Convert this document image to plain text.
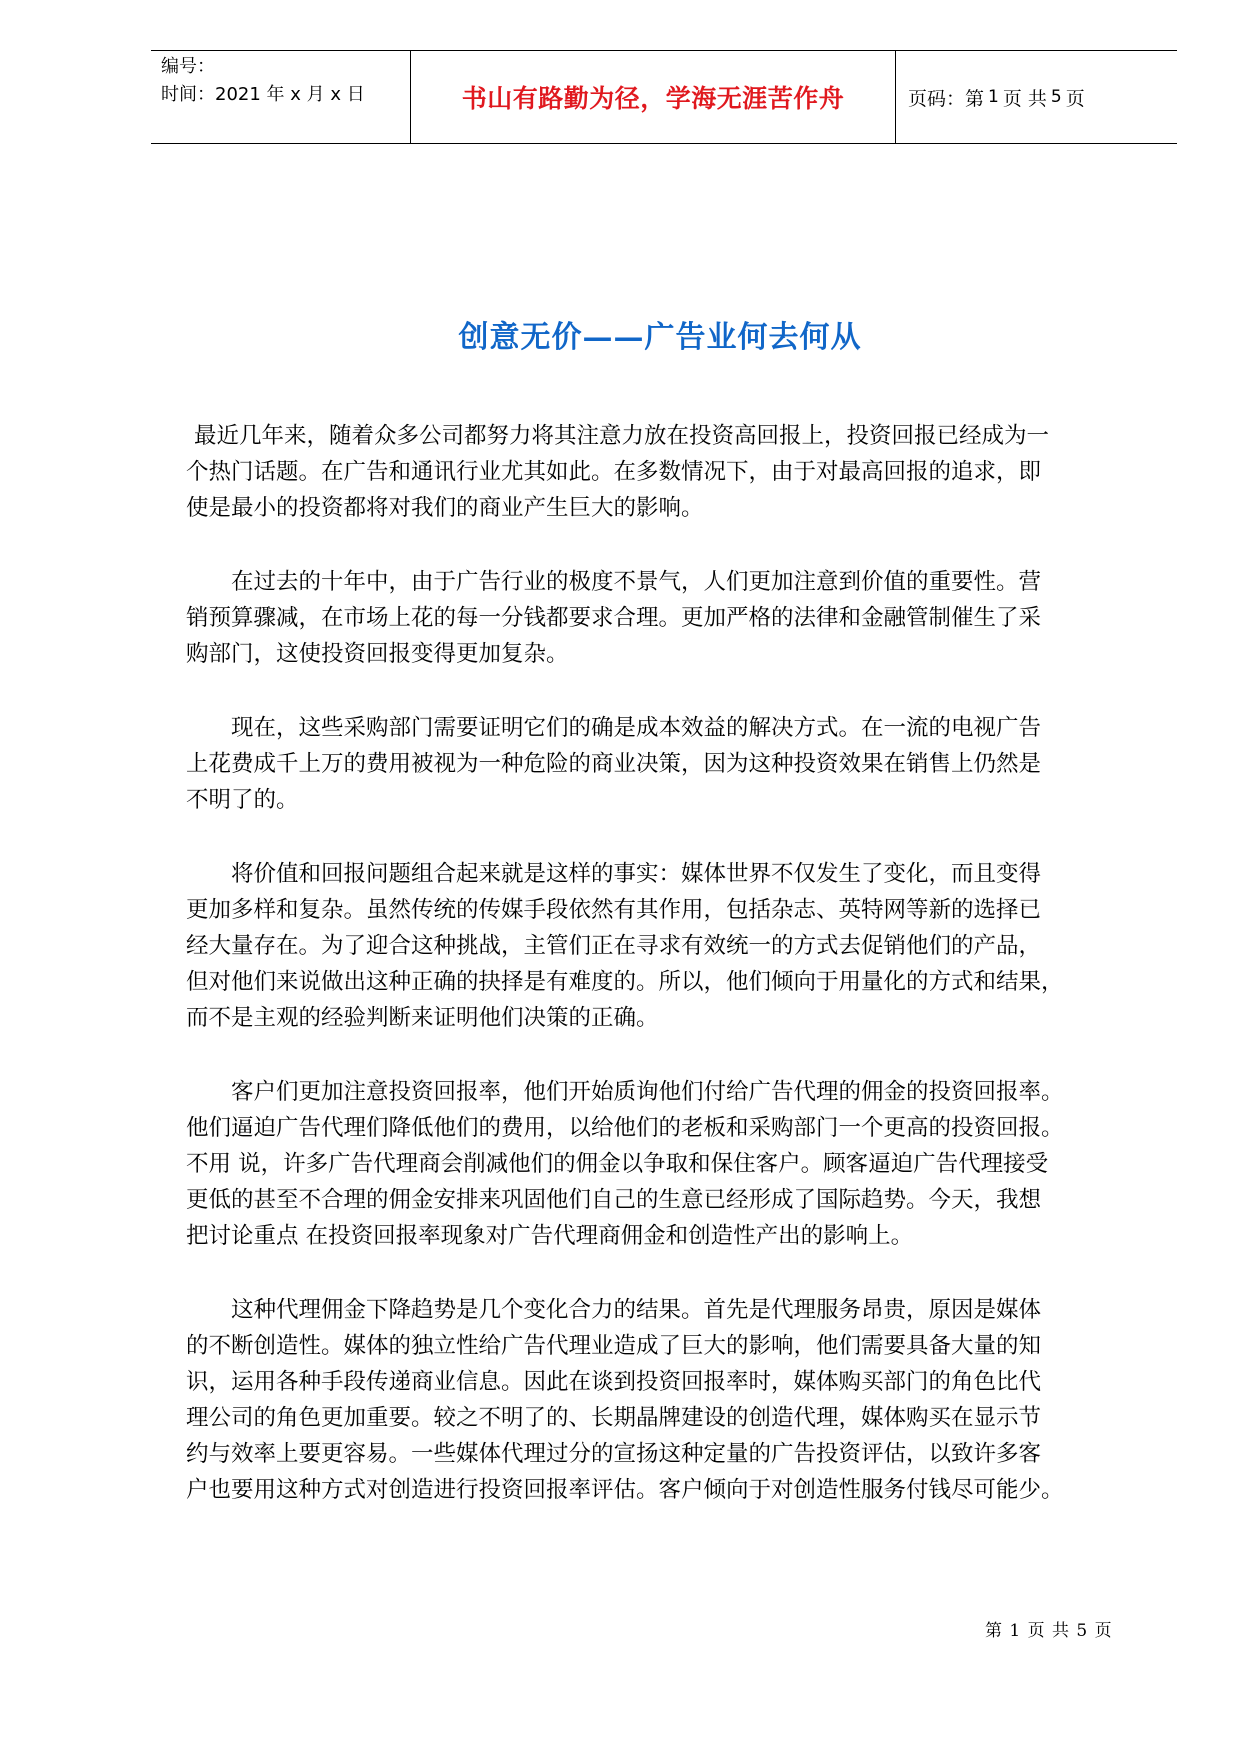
编号：
时间：2021 年 x 月 x 日	书山有路勤为径，学海无涯苦作舟	页码：第 1 页 共 5 页
创意无价——广告业何去何从

最近几年来，随着众多公司都努力将其注意力放在投资高回报上，投资回报已经成为一
个热门话题。在广告和通讯行业尤其如此。在多数情况下，由于对最高回报的追求，即
使是最小的投资都将对我们的商业产生巨大的影响。

在过去的十年中，由于广告行业的极度不景气，人们更加注意到价值的重要性。营
销预算骤减，在市场上花的每一分钱都要求合理。更加严格的法律和金融管制催生了采
购部门，这使投资回报变得更加复杂。

现在，这些采购部门需要证明它们的确是成本效益的解决方式。在一流的电视广告
上花费成千上万的费用被视为一种危险的商业决策，因为这种投资效果在销售上仍然是
不明了的。

将价值和回报问题组合起来就是这样的事实：媒体世界不仅发生了变化，而且变得
更加多样和复杂。虽然传统的传媒手段依然有其作用，包括杂志、英特网等新的选择已
经大量存在。为了迎合这种挑战，主管们正在寻求有效统一的方式去促销他们的产品，
但对他们来说做出这种正确的抉择是有难度的。所以，他们倾向于用量化的方式和结果，
而不是主观的经验判断来证明他们决策的正确。

客户们更加注意投资回报率，他们开始质询他们付给广告代理的佣金的投资回报率。
他们逼迫广告代理们降低他们的费用，以给他们的老板和采购部门一个更高的投资回报。
不用 说，许多广告代理商会削减他们的佣金以争取和保住客户。顾客逼迫广告代理接受
更低的甚至不合理的佣金安排来巩固他们自己的生意已经形成了国际趋势。今天，我想
把讨论重点 在投资回报率现象对广告代理商佣金和创造性产出的影响上。

这种代理佣金下降趋势是几个变化合力的结果。首先是代理服务昂贵，原因是媒体
的不断创造性。媒体的独立性给广告代理业造成了巨大的影响，他们需要具备大量的知
识，运用各种手段传递商业信息。因此在谈到投资回报率时，媒体购买部门的角色比代
理公司的角色更加重要。较之不明了的、长期晶牌建设的创造代理，媒体购买在显示节
约与效率上要更容易。一些媒体代理过分的宣扬这种定量的广告投资评估，以致许多客
户也要用这种方式对创造进行投资回报率评估。客户倾向于对创造性服务付钱尽可能少。

第 1 页 共 5 页
